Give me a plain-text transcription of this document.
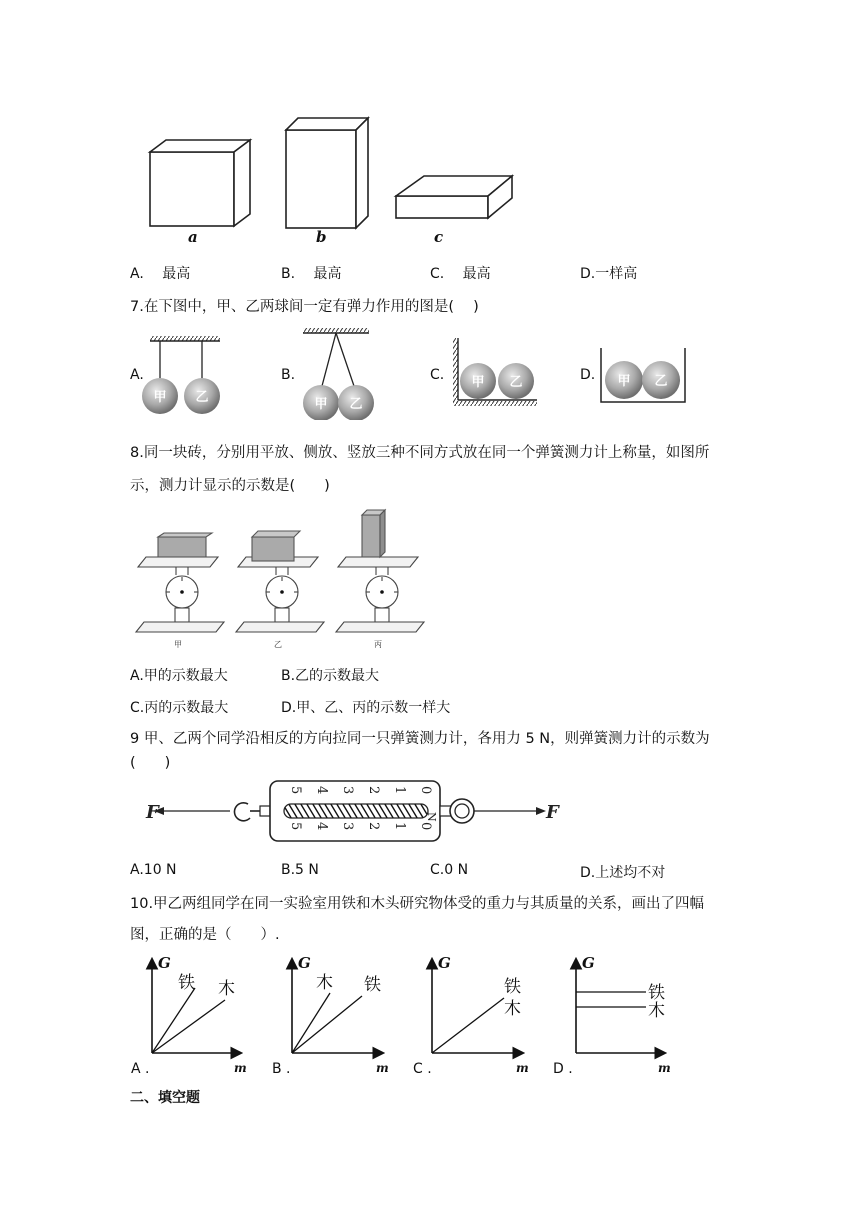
a	b	c
A.　 最高	B.　 最高	C.　 最高	D.一样高
7.在下图中，甲、乙两球间一定有弹力作用的图是(　 )
A.	B.	C.	D.
甲 乙	甲 乙
甲 乙	甲 乙
8.同一块砖，分别用平放、侧放、竖放三种不同方式放在同一个弹簧测力计上称量，如图所
示，测力计显示的示数是(　　)
甲	乙	丙
A.甲的示数最大	B.乙的示数最大
C.丙的示数最大	D.甲、乙、丙的示数一样大
9 甲、乙两个同学沿相反的方向拉同一只弹簧测力计，各用力 5 N，则弹簧测力计的示数为
(　　)
F	F
5 4 3 2 1 0
5 4 3 2 1 0
N
A.10 N	B.5 N	C.0 N	D.上述均不对
10.甲乙两组同学在同一实验室用铁和木头研究物体受的重力与其质量的关系，画出了四幅
图，正确的是（　　）.
G
m
G
m
G
m
G
m
铁 木	木 铁	铁
木
铁
木
A .	B .	C .	D .
二、填空题
